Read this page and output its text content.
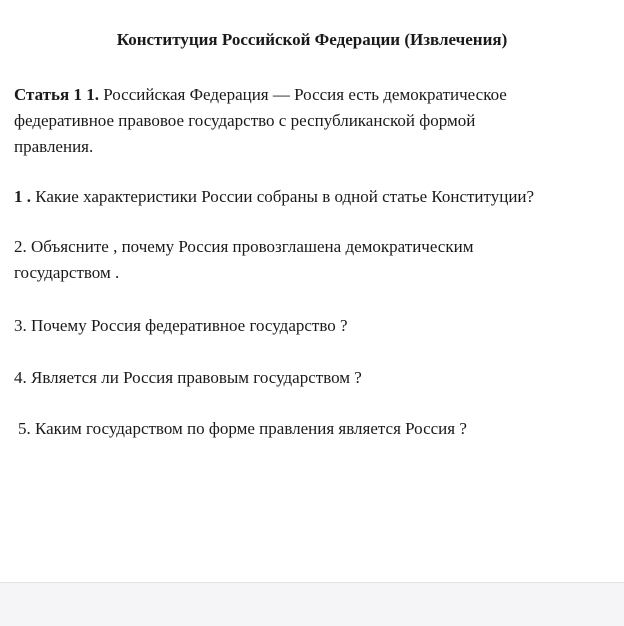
Конституция Российской Федерации (Извлечения)
Статья 1 1. Российская Федерация — Россия есть демократическое
федеративное правовое государство с республиканской формой
правления.
1 . Какие характеристики России собраны в одной статье Конституции?
2. Объясните , почему Россия провозглашена демократическим
государством .
3. Почему Россия федеративное государство ?
4. Является ли Россия правовым государством ?
5. Каким государством по форме правления является Россия ?
